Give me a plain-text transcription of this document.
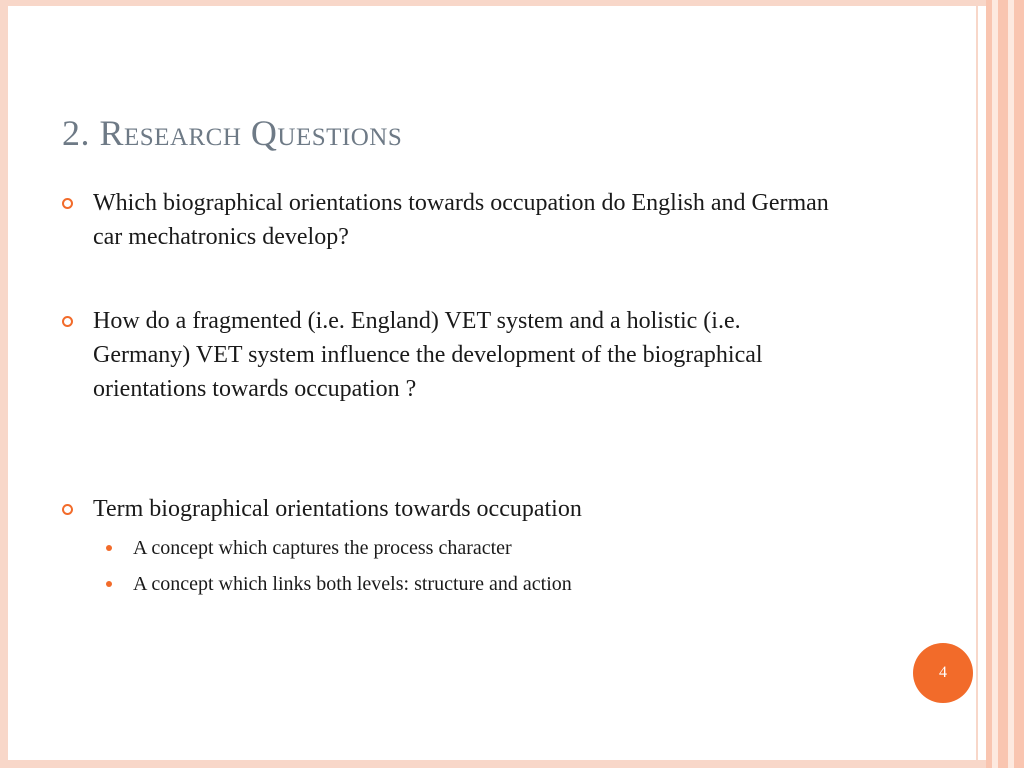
2. Research Questions
Which biographical orientations towards occupation do English and German car mechatronics develop?
How do a fragmented (i.e. England) VET system and a holistic (i.e. Germany) VET system influence the development of the biographical orientations towards occupation ?
Term biographical orientations towards occupation
A concept which captures the process character
A concept which links both levels: structure and action
4
